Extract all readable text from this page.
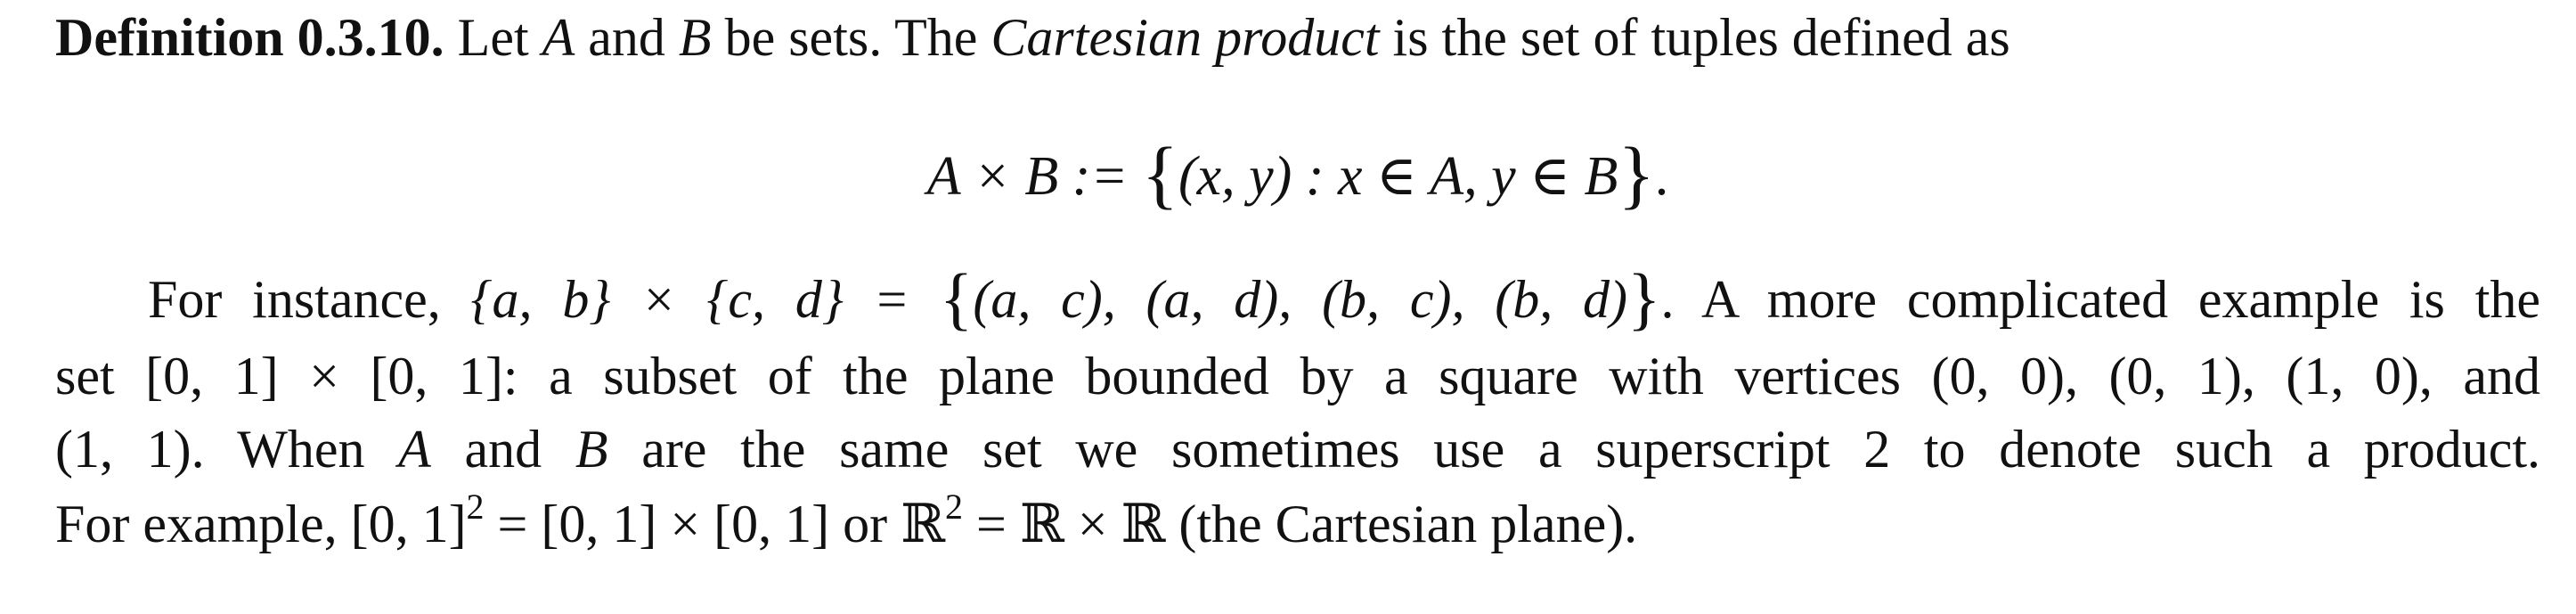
Definition 0.3.10. Let A and B be sets. The Cartesian product is the set of tuples defined as
A × B := {(x, y) : x ∈ A, y ∈ B}.
For instance, {a, b} × {c, d} = {(a, c), (a, d), (b, c), (b, d)}. A more complicated example is the
set [0, 1] × [0, 1]: a subset of the plane bounded by a square with vertices (0, 0), (0, 1), (1, 0), and
(1, 1). When A and B are the same set we sometimes use a superscript 2 to denote such a product.
For example, [0, 1]$^2$ = [0, 1] × [0, 1] or ℝ$^2$ = ℝ × ℝ (the Cartesian plane).
